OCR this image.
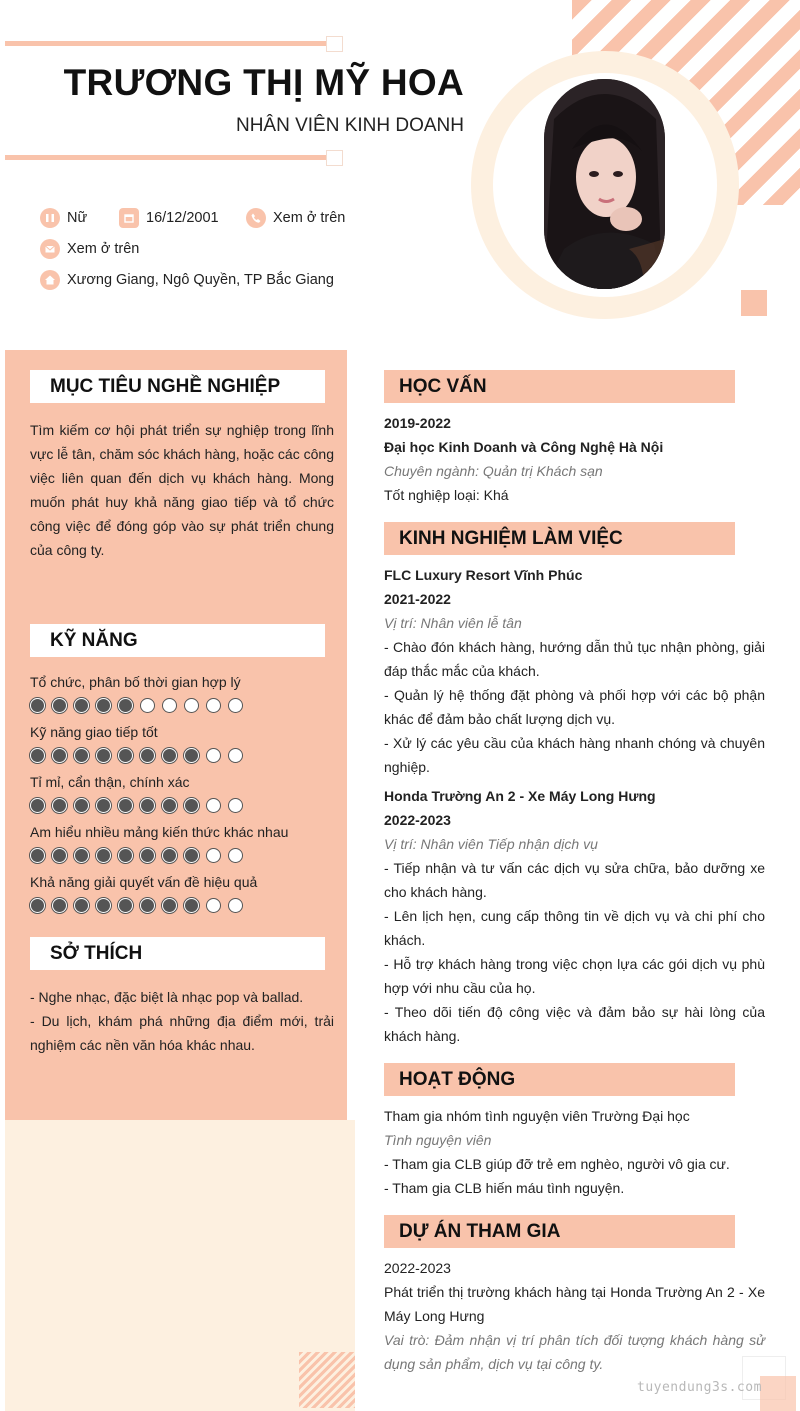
TRƯƠNG THỊ MỸ HOA
NHÂN VIÊN KINH DOANH
Nữ	16/12/2001	Xem ở trên
Xem ở trên
Xương Giang, Ngô Quyền, TP Bắc Giang
MỤC TIÊU NGHỀ NGHIỆP
Tìm kiếm cơ hội phát triển sự nghiệp trong lĩnh vực lễ tân, chăm sóc khách hàng, hoặc các công việc liên quan đến dịch vụ khách hàng. Mong muốn phát huy khả năng giao tiếp và tổ chức công việc để đóng góp vào sự phát triển chung của công ty.
KỸ NĂNG
Tổ chức, phân bố thời gian hợp lý
Kỹ năng giao tiếp tốt
Tỉ mỉ, cẩn thận, chính xác
Am hiểu nhiều mảng kiến thức khác nhau
Khả năng giải quyết vấn đề hiệu quả
SỞ THÍCH
- Nghe nhạc, đặc biệt là nhạc pop và ballad.
- Du lịch, khám phá những địa điểm mới, trải nghiệm các nền văn hóa khác nhau.
HỌC VẤN
2019-2022
Đại học Kinh Doanh và Công Nghệ Hà Nội
Chuyên ngành: Quản trị Khách sạn
Tốt nghiệp loại: Khá
KINH NGHIỆM LÀM VIỆC
FLC Luxury Resort Vĩnh Phúc
2021-2022
Vị trí: Nhân viên lễ tân
- Chào đón khách hàng, hướng dẫn thủ tục nhận phòng, giải đáp thắc mắc của khách.
- Quản lý hệ thống đặt phòng và phối hợp với các bộ phận khác để đảm bảo chất lượng dịch vụ.
- Xử lý các yêu cầu của khách hàng nhanh chóng và chuyên nghiệp.
Honda Trường An 2 - Xe Máy Long Hưng
2022-2023
Vị trí: Nhân viên Tiếp nhận dịch vụ
- Tiếp nhận và tư vấn các dịch vụ sửa chữa, bảo dưỡng xe cho khách hàng.
- Lên lịch hẹn, cung cấp thông tin về dịch vụ và chi phí cho khách.
- Hỗ trợ khách hàng trong việc chọn lựa các gói dịch vụ phù hợp với nhu cầu của họ.
- Theo dõi tiến độ công việc và đảm bảo sự hài lòng của khách hàng.
HOẠT ĐỘNG
Tham gia nhóm tình nguyện viên Trường Đại học
Tình nguyện viên
- Tham gia CLB giúp đỡ trẻ em nghèo, người vô gia cư.
- Tham gia CLB hiến máu tình nguyện.
DỰ ÁN THAM GIA
2022-2023
Phát triển thị trường khách hàng tại Honda Trường An 2 - Xe Máy Long Hưng
Vai trò: Đảm nhận vị trí phân tích đối tượng khách hàng sử dụng sản phẩm, dịch vụ tại công ty.
tuyendung3s.com
